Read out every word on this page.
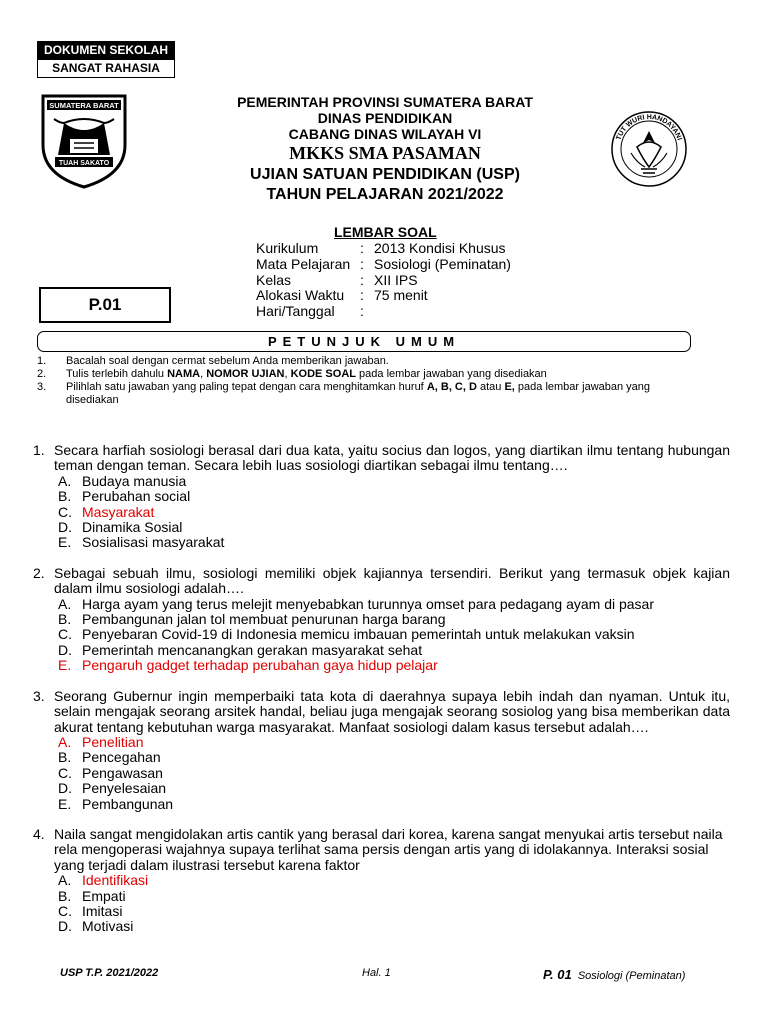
DOKUMEN SEKOLAH
SANGAT RAHASIA
SUMATERA BARAT
TUAH SAKATO
PEMERINTAH PROVINSI SUMATERA BARAT
DINAS PENDIDIKAN
CABANG DINAS WILAYAH VI
MKKS SMA PASAMAN
UJIAN SATUAN PENDIDIKAN (USP)
TAHUN PELAJARAN 2021/2022
TUT WURI HANDAYANI
LEMBAR SOAL
Kurikulum	: 2013 Kondisi Khusus
Mata Pelajaran : Sosiologi (Peminatan)
Kelas	: XII IPS
Alokasi Waktu	: 75 menit
Hari/Tanggal	:
P.01
PETUNJUK UMUM
1.	Bacalah soal dengan cermat sebelum Anda memberikan jawaban.
2.	Tulis terlebih dahulu NAMA, NOMOR UJIAN, KODE SOAL pada lembar jawaban yang disediakan
3.	Pilihlah satu jawaban yang paling tepat dengan cara menghitamkan huruf A, B, C, D atau E, pada lembar jawaban yang
disediakan
1. Secara harfiah sosiologi berasal dari dua kata, yaitu socius dan logos, yang diartikan ilmu tentang hubungan teman dengan teman. Secara lebih luas sosiologi diartikan sebagai ilmu tentang….
A. Budaya manusia
B. Perubahan social
C. Masyarakat
D. Dinamika Sosial
E. Sosialisasi masyarakat
2. Sebagai sebuah ilmu, sosiologi memiliki objek kajiannya tersendiri. Berikut yang termasuk objek kajian dalam ilmu sosiologi adalah….
A. Harga ayam yang terus melejit menyebabkan turunnya omset para pedagang ayam di pasar
B. Pembangunan jalan tol membuat penurunan harga barang
C. Penyebaran Covid-19 di Indonesia memicu imbauan pemerintah untuk melakukan vaksin
D. Pemerintah mencanangkan gerakan masyarakat sehat
E. Pengaruh gadget terhadap perubahan gaya hidup pelajar
3. Seorang Gubernur ingin memperbaiki tata kota di daerahnya supaya lebih indah dan nyaman. Untuk itu, selain mengajak seorang arsitek handal, beliau juga mengajak seorang sosiolog yang bisa memberikan data akurat tentang kebutuhan warga masyarakat. Manfaat sosiologi dalam kasus tersebut adalah….
A. Penelitian
B. Pencegahan
C. Pengawasan
D. Penyelesaian
E. Pembangunan
4. Naila sangat mengidolakan artis cantik yang berasal dari korea, karena sangat menyukai artis tersebut naila rela mengoperasi wajahnya supaya terlihat sama persis dengan artis yang di idolakannya. Interaksi sosial yang terjadi dalam ilustrasi tersebut karena faktor
A. Identifikasi
B. Empati
C. Imitasi
D. Motivasi
USP T.P. 2021/2022	Hal. 1	P. 01 Sosiologi (Peminatan)
